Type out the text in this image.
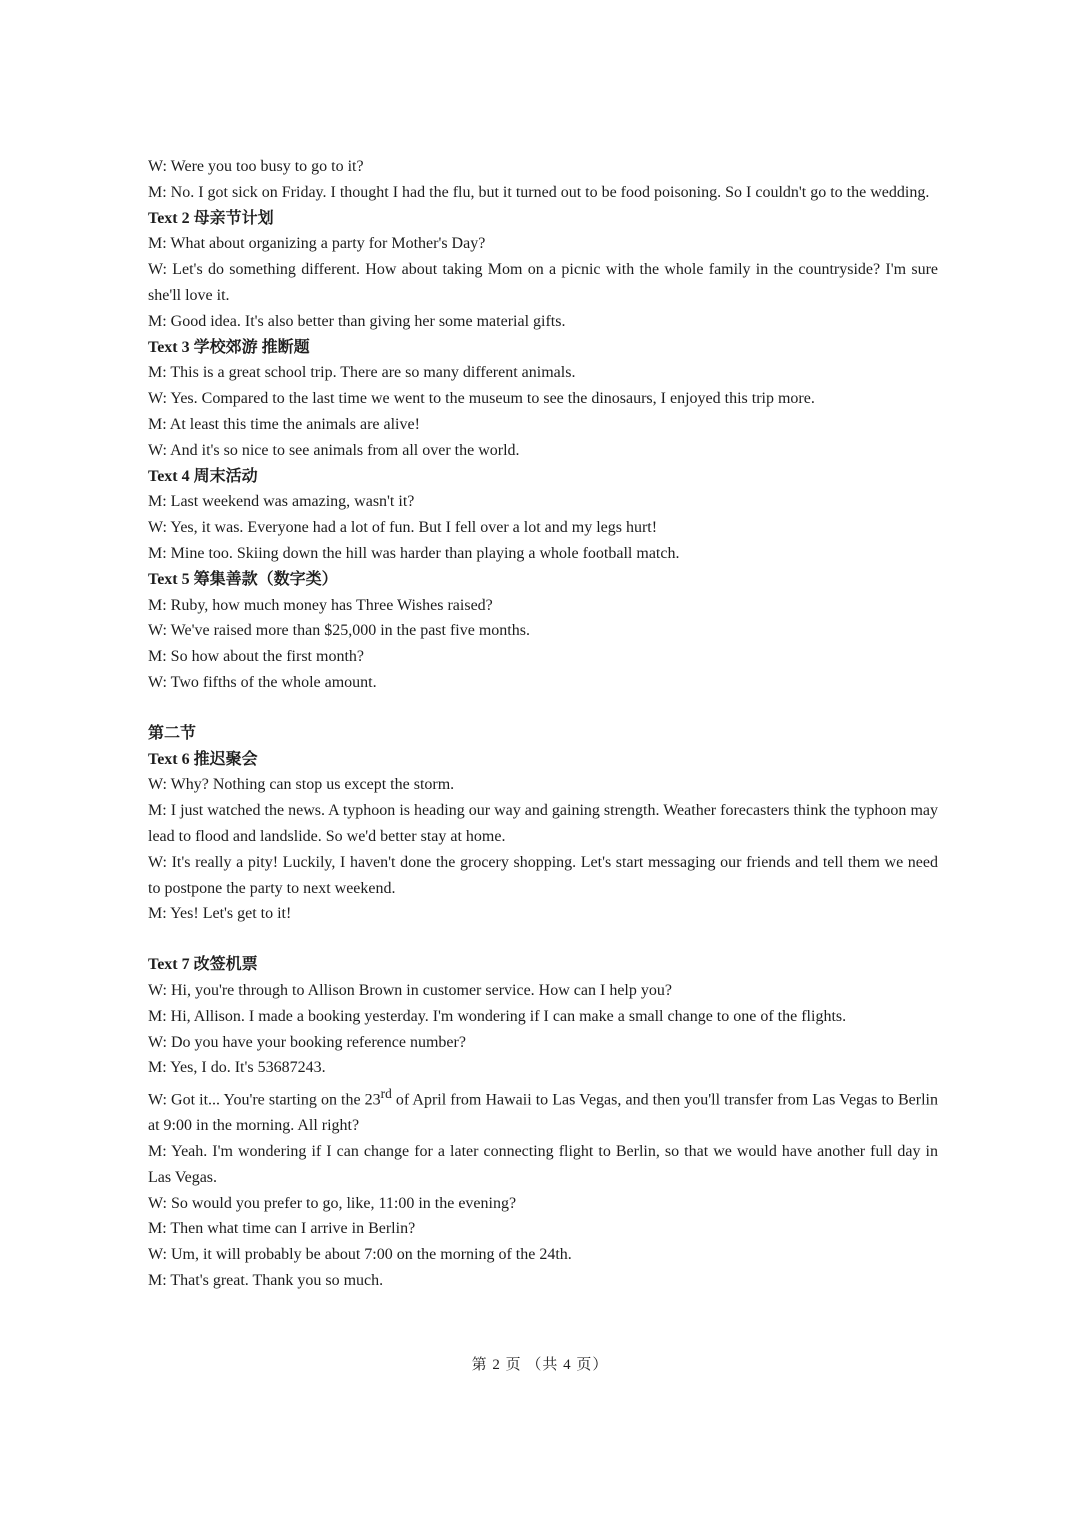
W: Were you too busy to go to it?

M: No. I got sick on Friday. I thought I had the flu, but it turned out to be food poisoning. So I couldn't go to the wedding.

Text 2 母亲节计划

M: What about organizing a party for Mother's Day?

W: Let's do something different. How about taking Mom on a picnic with the whole family in the countryside? I'm sure she'll love it.

M: Good idea. It's also better than giving her some material gifts.

Text 3 学校郊游 推断题

M: This is a great school trip. There are so many different animals.

W: Yes. Compared to the last time we went to the museum to see the dinosaurs, I enjoyed this trip more.

M: At least this time the animals are alive!

W: And it's so nice to see animals from all over the world.

Text 4 周末活动

M: Last weekend was amazing, wasn't it?

W: Yes, it was. Everyone had a lot of fun. But I fell over a lot and my legs hurt!

M: Mine too. Skiing down the hill was harder than playing a whole football match.

Text 5 筹集善款（数字类）

M: Ruby, how much money has Three Wishes raised?

W: We've raised more than $25,000 in the past five months.

M: So how about the first month?

W: Two fifths of the whole amount.

第二节

Text 6 推迟聚会

W: Why? Nothing can stop us except the storm.

M: I just watched the news. A typhoon is heading our way and gaining strength. Weather forecasters think the typhoon may lead to flood and landslide. So we'd better stay at home.

W: It's really a pity! Luckily, I haven't done the grocery shopping. Let's start messaging our friends and tell them we need to postpone the party to next weekend.

M: Yes! Let's get to it!

Text 7 改签机票

W: Hi, you're through to Allison Brown in customer service. How can I help you?

M: Hi, Allison. I made a booking yesterday. I'm wondering if I can make a small change to one of the flights.

W: Do you have your booking reference number?

M: Yes, I do. It's 53687243.

W: Got it... You're starting on the 23rd of April from Hawaii to Las Vegas, and then you'll transfer from Las Vegas to Berlin at 9:00 in the morning. All right?

M: Yeah. I'm wondering if I can change for a later connecting flight to Berlin, so that we would have another full day in Las Vegas.

W: So would you prefer to go, like, 11:00 in the evening?

M: Then what time can I arrive in Berlin?

W: Um, it will probably be about 7:00 on the morning of the 24th.

M: That's great. Thank you so much.

第 2 页 （共 4 页）
